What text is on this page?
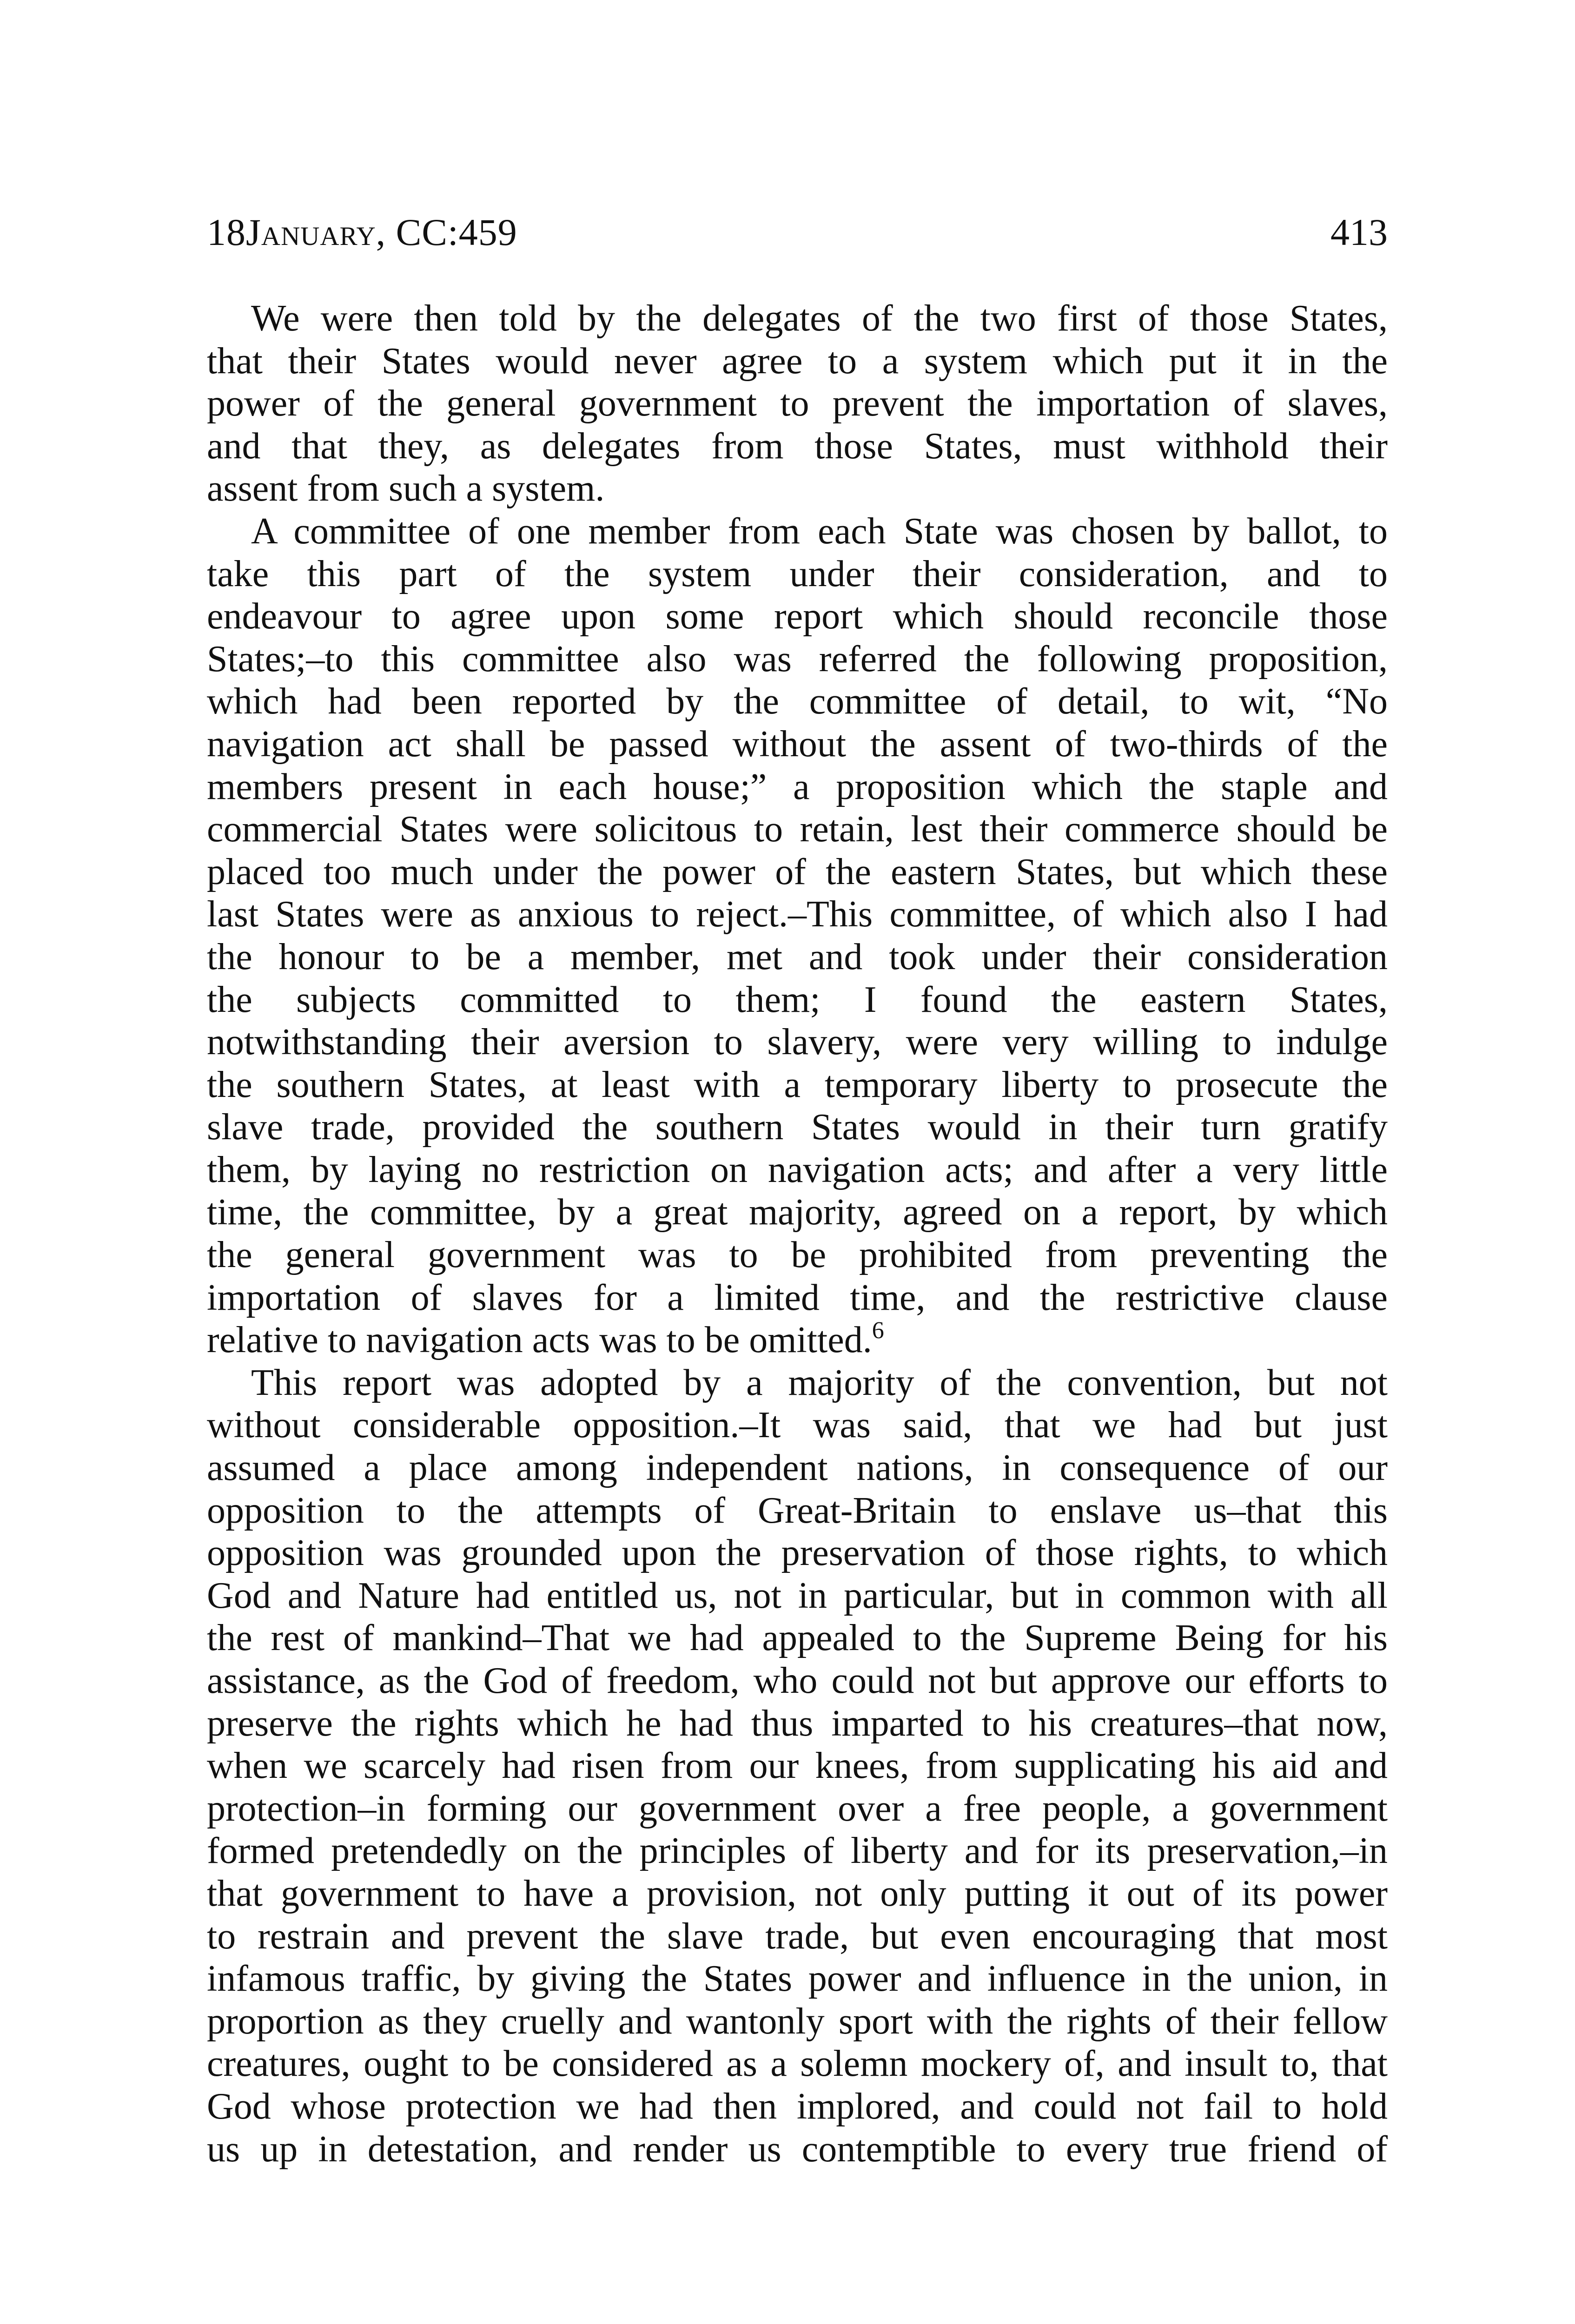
18January, CC:459	413
We were then told by the delegates of the two first of those States,
that their States would never agree to a system which put it in the
power of the general government to prevent the importation of slaves,
and that they, as delegates from those States, must withhold their
assent from such a system.
A committee of one member from each State was chosen by ballot, to
take this part of the system under their consideration, and to
endeavour to agree upon some report which should reconcile those
States;–to this committee also was referred the following proposition,
which had been reported by the committee of detail, to wit, “No
navigation act shall be passed without the assent of two-thirds of the
members present in each house;” a proposition which the staple and
commercial States were solicitous to retain, lest their commerce should be
placed too much under the power of the eastern States, but which these
last States were as anxious to reject.–This committee, of which also I had
the honour to be a member, met and took under their consideration
the subjects committed to them; I found the eastern States,
notwithstanding their aversion to slavery, were very willing to indulge
the southern States, at least with a temporary liberty to prosecute the
slave trade, provided the southern States would in their turn gratify
them, by laying no restriction on navigation acts; and after a very little
time, the committee, by a great majority, agreed on a report, by which
the general government was to be prohibited from preventing the
importation of slaves for a limited time, and the restrictive clause
relative to navigation acts was to be omitted.$^6$
This report was adopted by a majority of the convention, but not
without considerable opposition.–It was said, that we had but just
assumed a place among independent nations, in consequence of our
opposition to the attempts of Great-Britain to enslave us–that this
opposition was grounded upon the preservation of those rights, to which
God and Nature had entitled us, not in particular, but in common with all
the rest of mankind–That we had appealed to the Supreme Being for his
assistance, as the God of freedom, who could not but approve our efforts to
preserve the rights which he had thus imparted to his creatures–that now,
when we scarcely had risen from our knees, from supplicating his aid and
protection–in forming our government over a free people, a government
formed pretendedly on the principles of liberty and for its preservation,–in
that government to have a provision, not only putting it out of its power
to restrain and prevent the slave trade, but even encouraging that most
infamous traffic, by giving the States power and influence in the union, in
proportion as they cruelly and wantonly sport with the rights of their fellow
creatures, ought to be considered as a solemn mockery of, and insult to, that
God whose protection we had then implored, and could not fail to hold
us up in detestation, and render us contemptible to every true friend of
